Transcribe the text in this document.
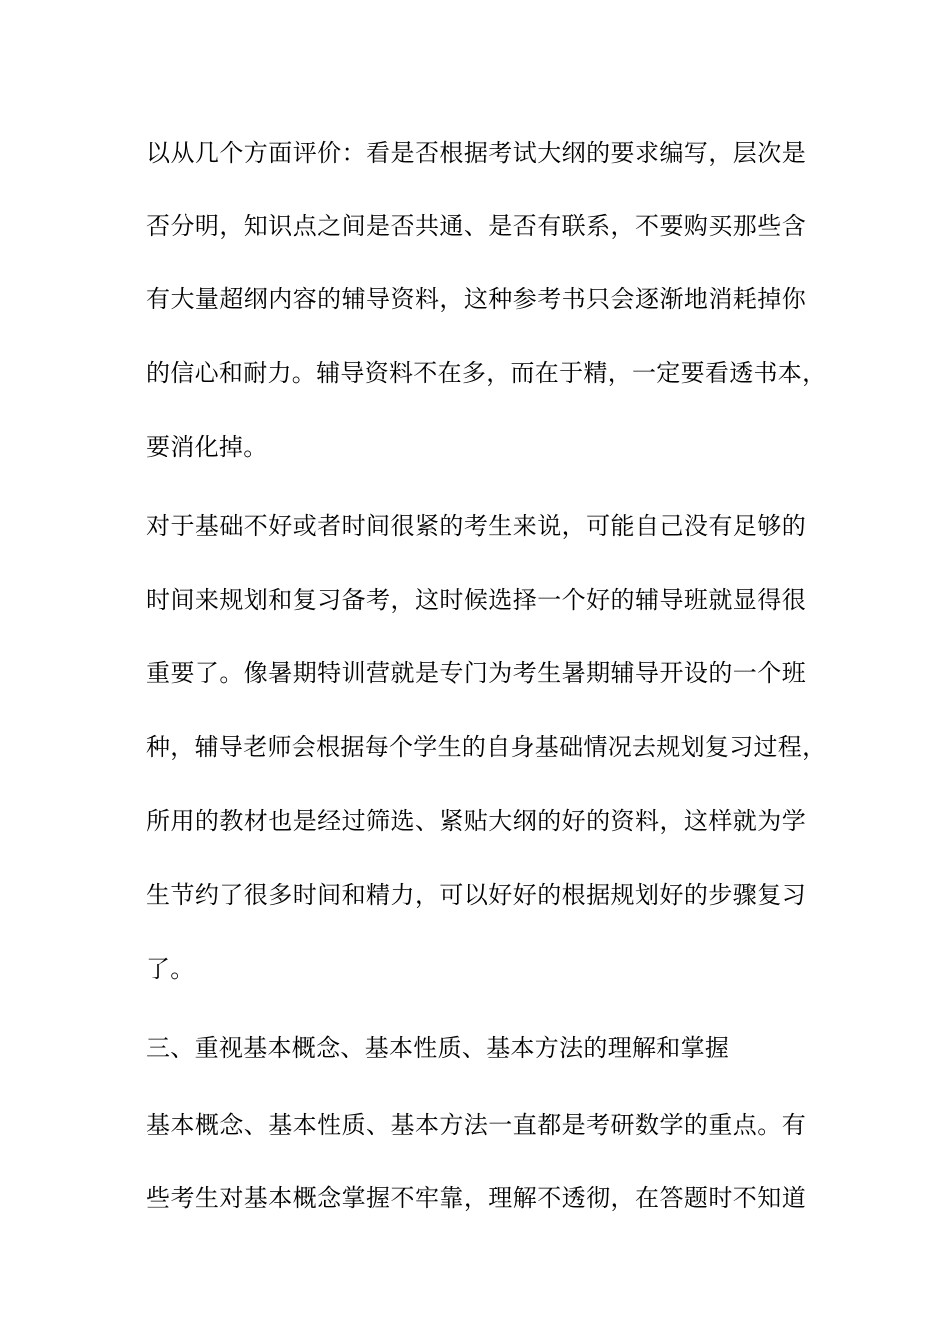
以从几个方面评价：看是否根据考试大纲的要求编写，层次是
否分明，知识点之间是否共通、是否有联系，不要购买那些含
有大量超纲内容的辅导资料，这种参考书只会逐渐地消耗掉你
的信心和耐力。辅导资料不在多，而在于精，一定要看透书本，
要消化掉。
对于基础不好或者时间很紧的考生来说，可能自己没有足够的
时间来规划和复习备考，这时候选择一个好的辅导班就显得很
重要了。像暑期特训营就是专门为考生暑期辅导开设的一个班
种，辅导老师会根据每个学生的自身基础情况去规划复习过程，
所用的教材也是经过筛选、紧贴大纲的好的资料，这样就为学
生节约了很多时间和精力，可以好好的根据规划好的步骤复习
了。
三、重视基本概念、基本性质、基本方法的理解和掌握
基本概念、基本性质、基本方法一直都是考研数学的重点。有
些考生对基本概念掌握不牢靠，理解不透彻，在答题时不知道
